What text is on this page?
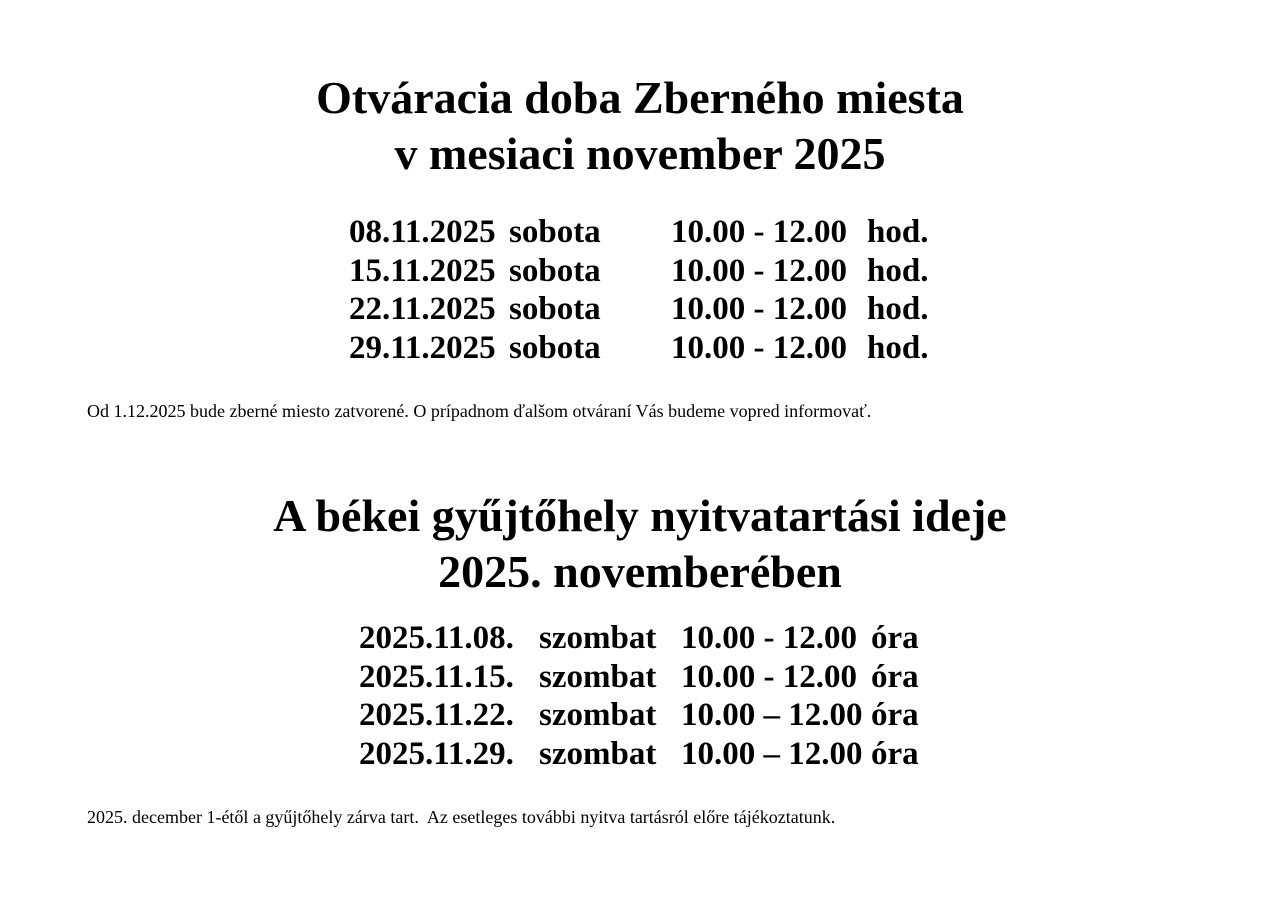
Otváracia doba Zberného miesta
v mesiaci november 2025
08.11.2025 sobota	10.00 - 12.00 hod.
15.11.2025 sobota	10.00 - 12.00 hod.
22.11.2025 sobota	10.00 - 12.00 hod.
29.11.2025 sobota	10.00 - 12.00 hod.

Od 1.12.2025 bude zberné miesto zatvorené. O prípadnom ďalšom otváraní Vás budeme vopred informovať.

A békei gyűjtőhely nyitvatartási ideje
2025. novemberében
2025.11.08. szombat 10.00 - 12.00 óra
2025.11.15. szombat 10.00 - 12.00 óra
2025.11.22. szombat 10.00 – 12.00 óra
2025.11.29. szombat 10.00 – 12.00 óra

2025. december 1-étől a gyűjtőhely zárva tart.  Az esetleges további nyitva tartásról előre tájékoztatunk.
